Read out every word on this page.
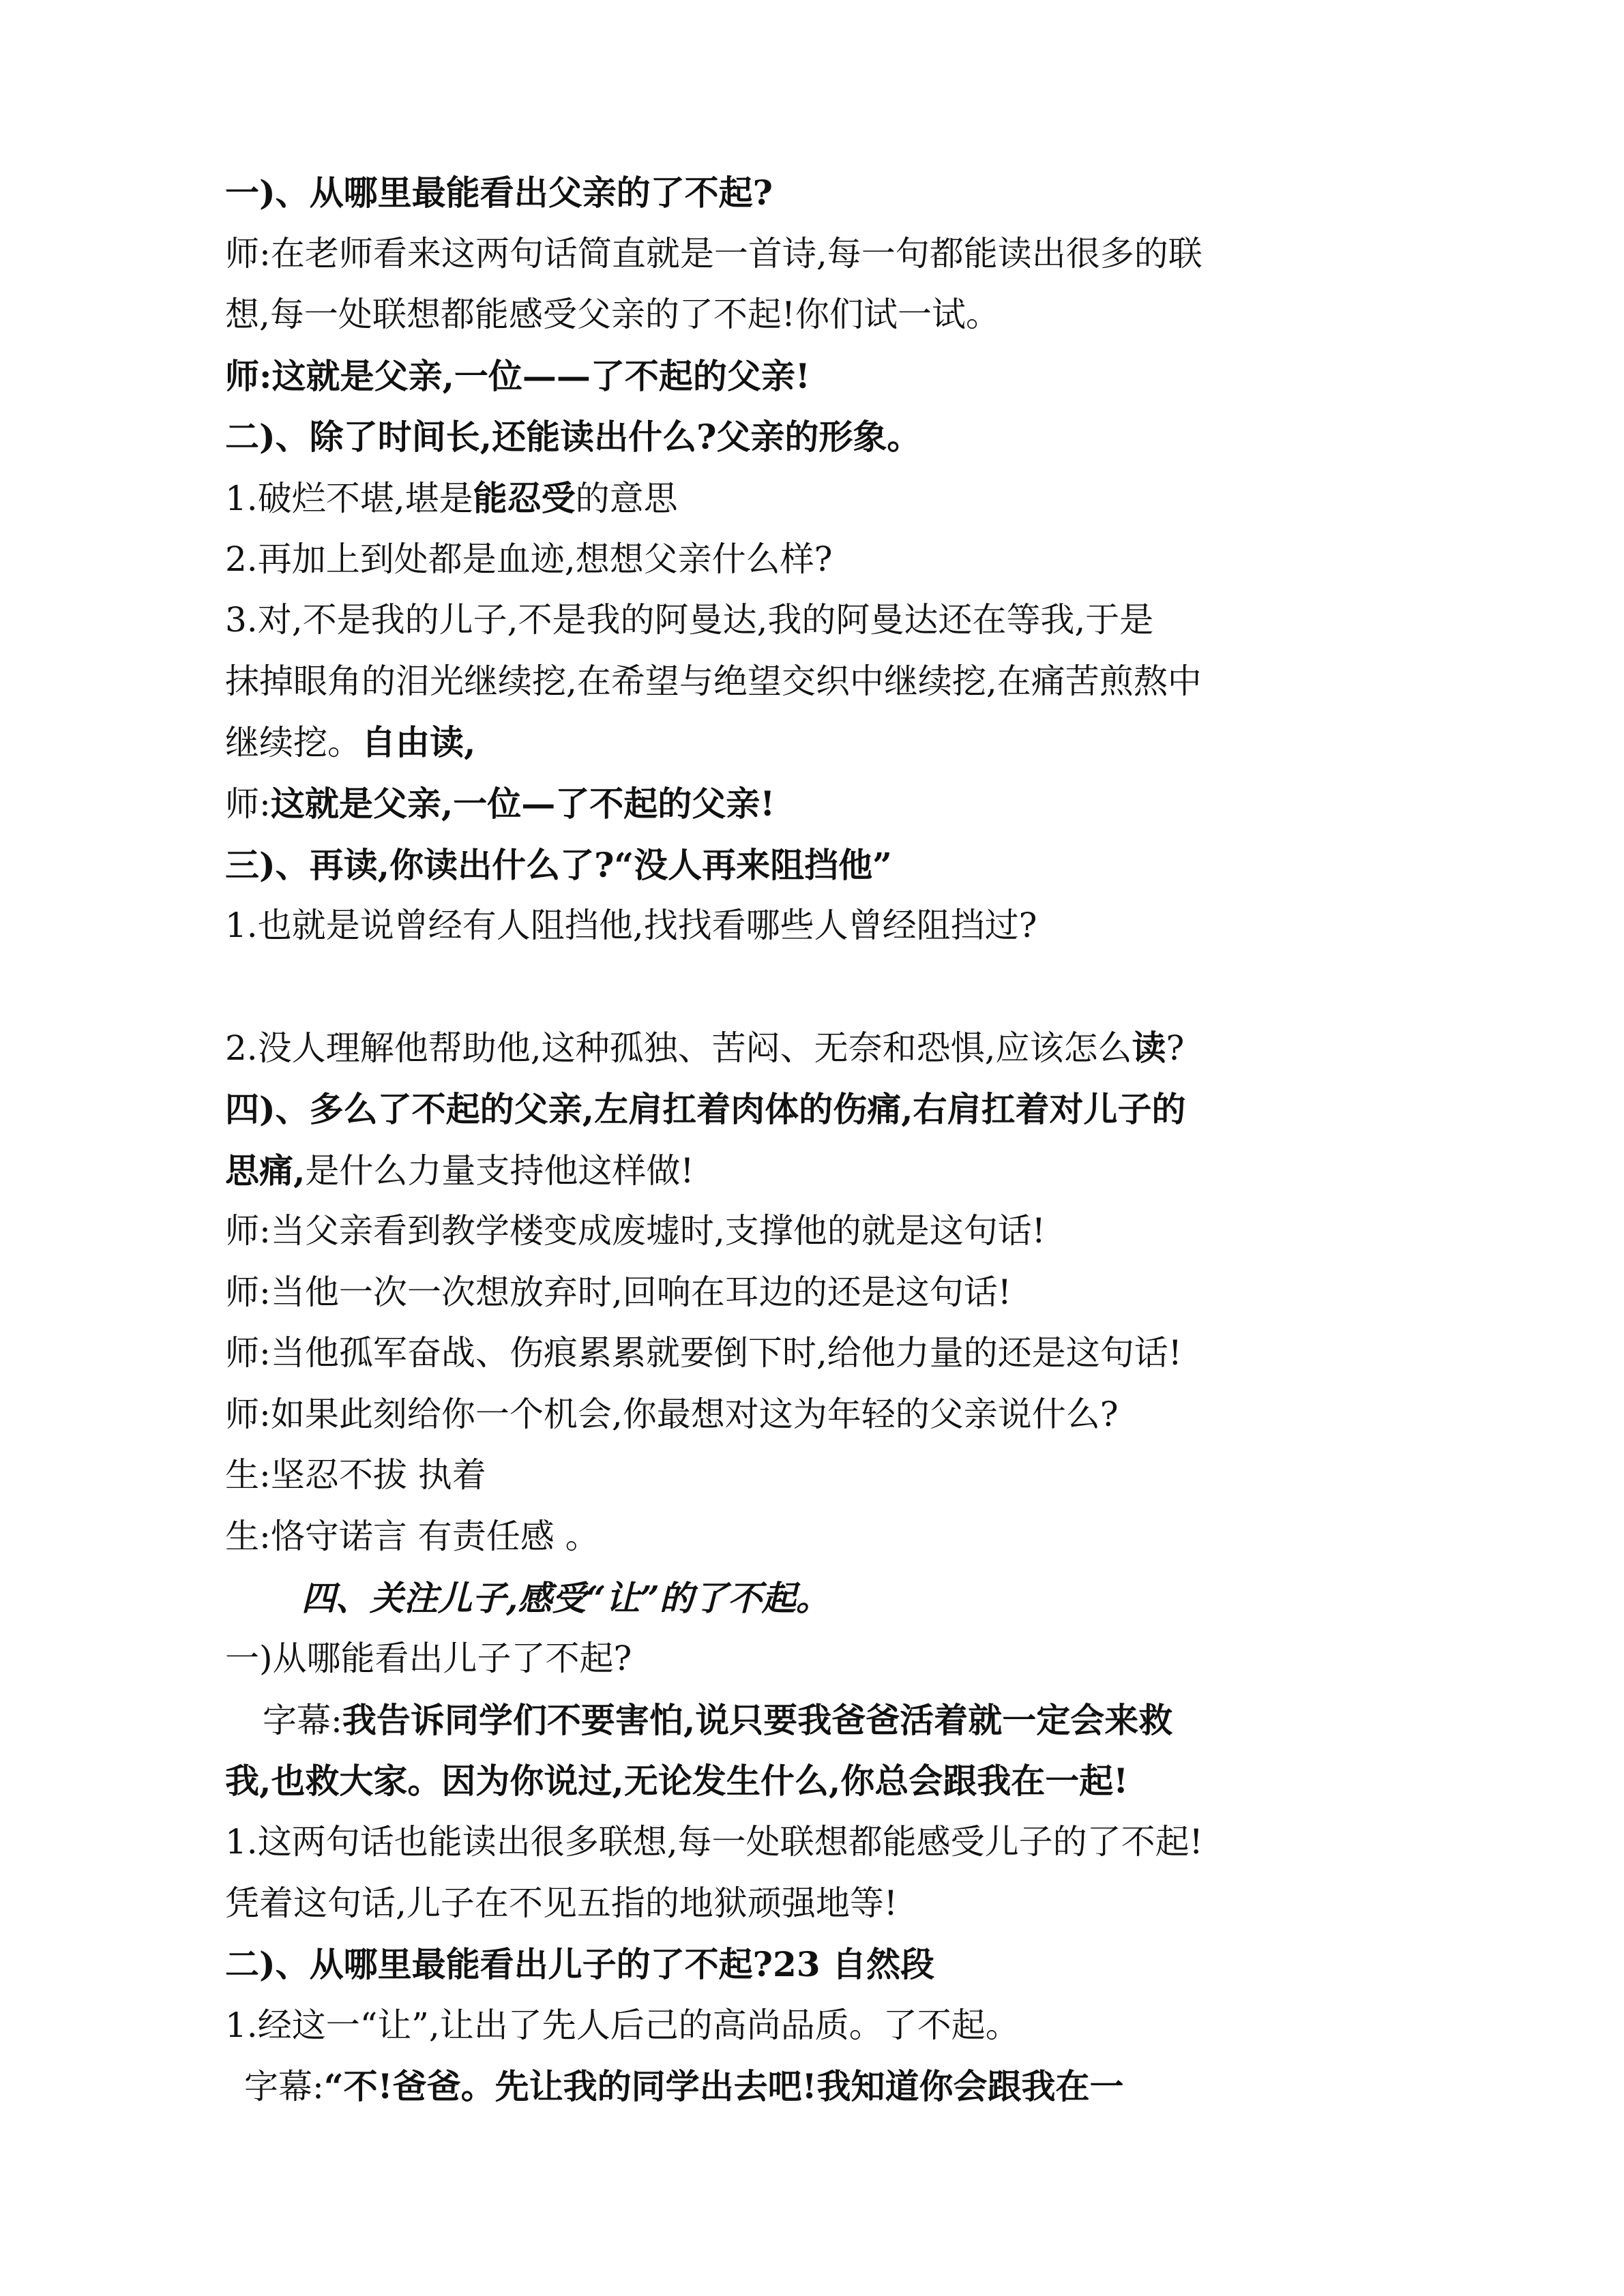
一)、从哪里最能看出父亲的了不起?
师:在老师看来这两句话简直就是一首诗,每一句都能读出很多的联
想,每一处联想都能感受父亲的了不起!你们试一试。
师:这就是父亲,一位——了不起的父亲!
二)、除了时间长,还能读出什么?父亲的形象。
1.破烂不堪,堪是能忍受的意思
2.再加上到处都是血迹,想想父亲什么样?
3.对,不是我的儿子,不是我的阿曼达,我的阿曼达还在等我,于是
抹掉眼角的泪光继续挖,在希望与绝望交织中继续挖,在痛苦煎熬中
继续挖。自由读,
师:这就是父亲,一位—了不起的父亲!
三)、再读,你读出什么了?“没人再来阻挡他”
1.也就是说曾经有人阻挡他,找找看哪些人曾经阻挡过?
2.没人理解他帮助他,这种孤独、苦闷、无奈和恐惧,应该怎么读?
四)、多么了不起的父亲,左肩扛着肉体的伤痛,右肩扛着对儿子的
思痛,是什么力量支持他这样做!
师:当父亲看到教学楼变成废墟时,支撑他的就是这句话!
师:当他一次一次想放弃时,回响在耳边的还是这句话!
师:当他孤军奋战、伤痕累累就要倒下时,给他力量的还是这句话!
师:如果此刻给你一个机会,你最想对这为年轻的父亲说什么?
生:坚忍不拔 执着
生:恪守诺言 有责任感 。
四、关注儿子,感受“让”的了不起。
一)从哪能看出儿子了不起?
字幕:我告诉同学们不要害怕,说只要我爸爸活着就一定会来救
我,也救大家。因为你说过,无论发生什么,你总会跟我在一起!
1.这两句话也能读出很多联想,每一处联想都能感受儿子的了不起!
凭着这句话,儿子在不见五指的地狱顽强地等!
二)、从哪里最能看出儿子的了不起?23 自然段
1.经这一“让”,让出了先人后己的高尚品质。了不起。
字幕:“不!爸爸。先让我的同学出去吧!我知道你会跟我在一
